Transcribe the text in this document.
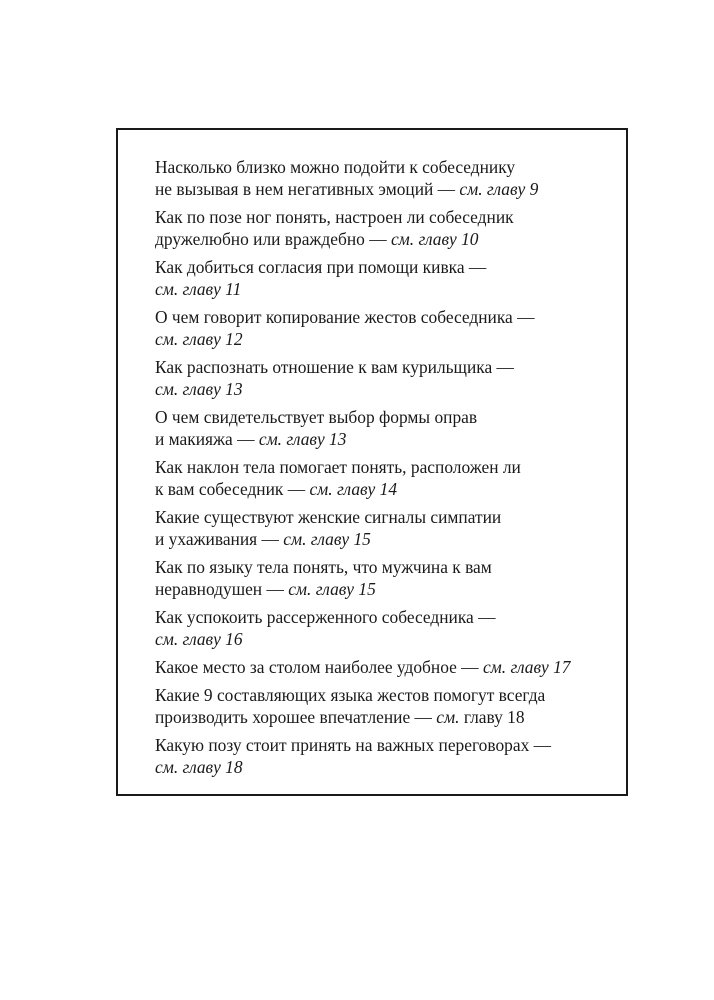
Насколько близко можно подойти к собеседнику
не вызывая в нем негативных эмоций — см. главу 9

Как по позе ног понять, настроен ли собеседник
дружелюбно или враждебно — см. главу 10

Как добиться согласия при помощи кивка —
см. главу 11

О чем говорит копирование жестов собеседника —
см. главу 12

Как распознать отношение к вам курильщика —
см. главу 13

О чем свидетельствует выбор формы оправ
и макияжа — см. главу 13

Как наклон тела помогает понять, расположен ли
к вам собеседник — см. главу 14

Какие существуют женские сигналы симпатии
и ухаживания — см. главу 15

Как по языку тела понять, что мужчина к вам
неравнодушен — см. главу 15

Как успокоить рассерженного собеседника —
см. главу 16

Какое место за столом наиболее удобное — см. главу 17

Какие 9 составляющих языка жестов помогут всегда
производить хорошее впечатление — см. главу 18

Какую позу стоит принять на важных переговорах —
см. главу 18
